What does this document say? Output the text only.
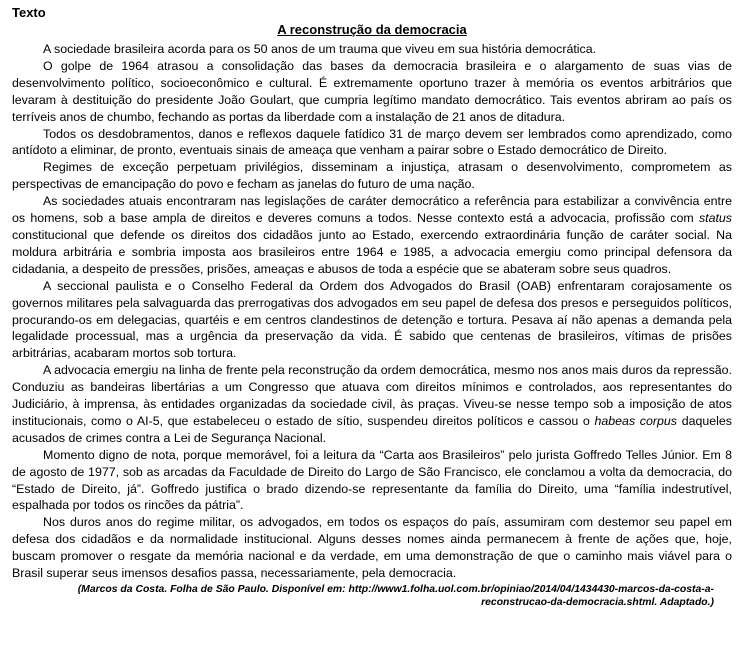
Texto

A reconstrução da democracia

A sociedade brasileira acorda para os 50 anos de um trauma que viveu em sua história democrática.

O golpe de 1964 atrasou a consolidação das bases da democracia brasileira e o alargamento de suas vias de desenvolvimento político, socioeconômico e cultural. É extremamente oportuno trazer à memória os eventos arbitrários que levaram à destituição do presidente João Goulart, que cumpria legítimo mandato democrático. Tais eventos abriram ao país os terríveis anos de chumbo, fechando as portas da liberdade com a instalação de 21 anos de ditadura.

Todos os desdobramentos, danos e reflexos daquele fatídico 31 de março devem ser lembrados como aprendizado, como antídoto a eliminar, de pronto, eventuais sinais de ameaça que venham a pairar sobre o Estado democrático de Direito.

Regimes de exceção perpetuam privilégios, disseminam a injustiça, atrasam o desenvolvimento, comprometem as perspectivas de emancipação do povo e fecham as janelas do futuro de uma nação.

As sociedades atuais encontraram nas legislações de caráter democrático a referência para estabilizar a convivência entre os homens, sob a base ampla de direitos e deveres comuns a todos. Nesse contexto está a advocacia, profissão com status constitucional que defende os direitos dos cidadãos junto ao Estado, exercendo extraordinária função de caráter social. Na moldura arbitrária e sombria imposta aos brasileiros entre 1964 e 1985, a advocacia emergiu como principal defensora da cidadania, a despeito de pressões, prisões, ameaças e abusos de toda a espécie que se abateram sobre seus quadros.

A seccional paulista e o Conselho Federal da Ordem dos Advogados do Brasil (OAB) enfrentaram corajosamente os governos militares pela salvaguarda das prerrogativas dos advogados em seu papel de defesa dos presos e perseguidos políticos, procurando-os em delegacias, quartéis e em centros clandestinos de detenção e tortura. Pesava aí não apenas a demanda pela legalidade processual, mas a urgência da preservação da vida. É sabido que centenas de brasileiros, vítimas de prisões arbitrárias, acabaram mortos sob tortura.

A advocacia emergiu na linha de frente pela reconstrução da ordem democrática, mesmo nos anos mais duros da repressão. Conduziu as bandeiras libertárias a um Congresso que atuava com direitos mínimos e controlados, aos representantes do Judiciário, à imprensa, às entidades organizadas da sociedade civil, às praças. Viveu-se nesse tempo sob a imposição de atos institucionais, como o AI-5, que estabeleceu o estado de sítio, suspendeu direitos políticos e cassou o habeas corpus daqueles acusados de crimes contra a Lei de Segurança Nacional.

Momento digno de nota, porque memorável, foi a leitura da “Carta aos Brasileiros” pelo jurista Goffredo Telles Júnior. Em 8 de agosto de 1977, sob as arcadas da Faculdade de Direito do Largo de São Francisco, ele conclamou a volta da democracia, do “Estado de Direito, já”. Goffredo justifica o brado dizendo-se representante da família do Direito, uma “família indestrutível, espalhada por todos os rincões da pátria”.

Nos duros anos do regime militar, os advogados, em todos os espaços do país, assumiram com destemor seu papel em defesa dos cidadãos e da normalidade institucional. Alguns desses nomes ainda permanecem à frente de ações que, hoje, buscam promover o resgate da memória nacional e da verdade, em uma demonstração de que o caminho mais viável para o Brasil superar seus imensos desafios passa, necessariamente, pela democracia.

(Marcos da Costa. Folha de São Paulo. Disponível em: http://www1.folha.uol.com.br/opiniao/2014/04/1434430-marcos-da-costa-a-reconstrucao-da-democracia.shtml. Adaptado.)
